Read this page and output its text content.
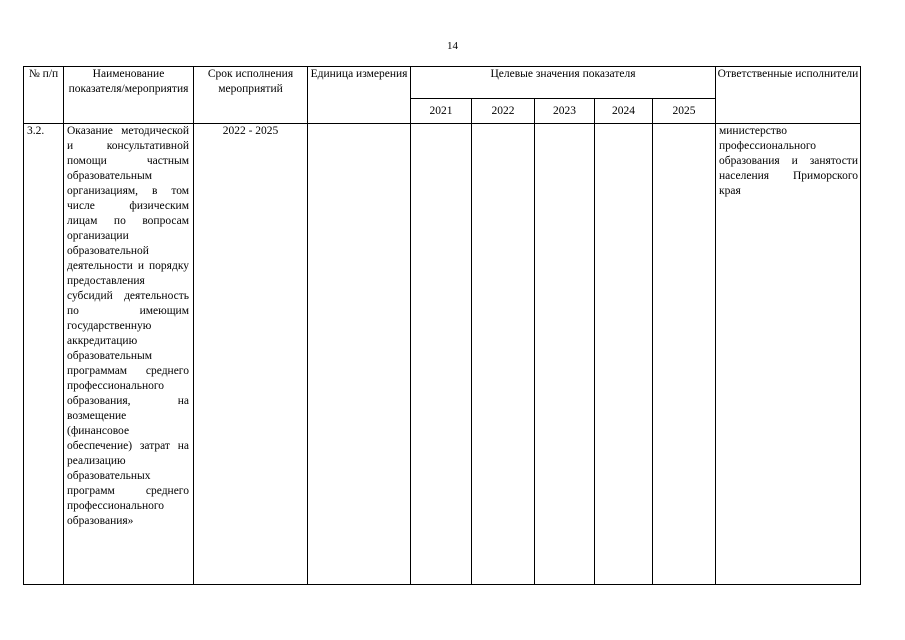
14
№ п/п	Наименование показателя/мероприятия	Срок исполнения мероприятий	Единица измерения	Целевые значения показателя					Ответственные исполнители
				2021	2022	2023	2024	2025	
3.2.	Оказание методической и консультативной помощи частным образовательным организациям, в том числе физическим лицам по вопросам организации образовательной деятельности и порядку предоставления субсидий деятельность по имеющим государственную аккредитацию образовательным программам среднего профессионального образования, на возмещение (финансовое обеспечение) затрат на реализацию образовательных программ среднего профессионального образования»	2022 - 2025							министерство профессионального образования и занятости населения Приморского края
